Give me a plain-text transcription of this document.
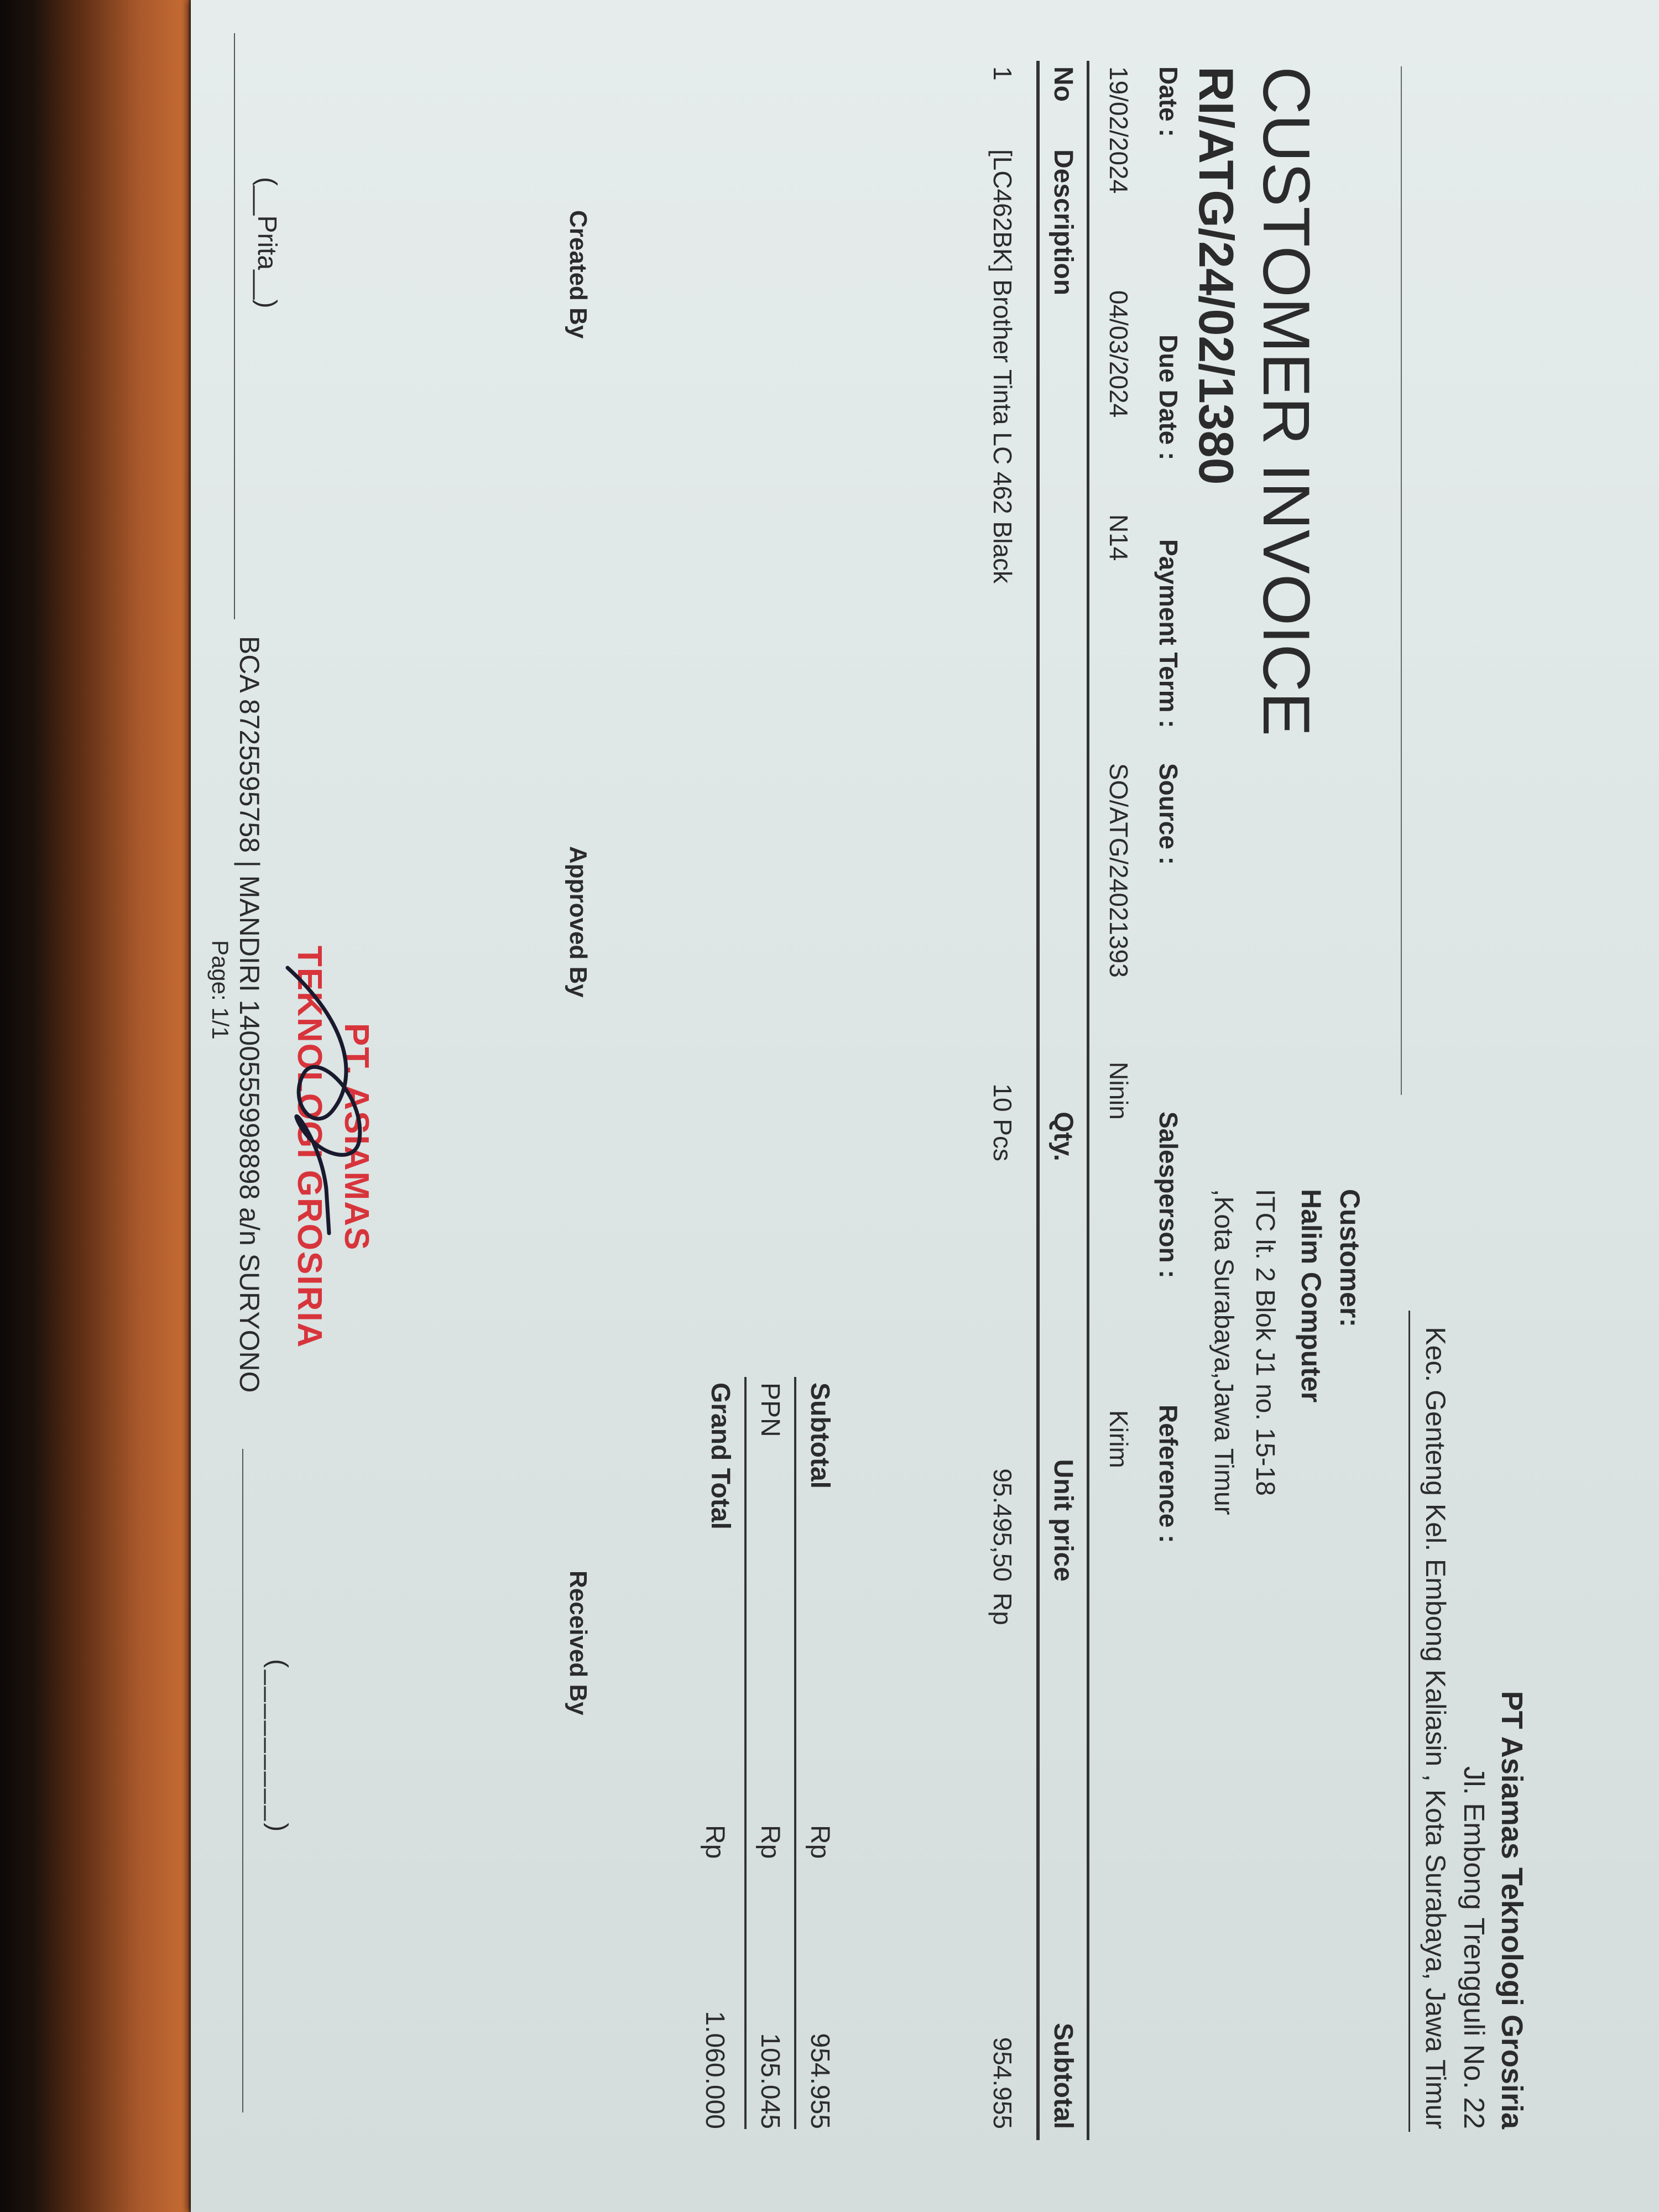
PT Asiamas Teknologi Grosiria
Jl. Embong Trengguli No. 22
Kec. Genteng Kel. Embong Kaliasin , Kota Surabaya, Jawa Timur
Customer:
Halim Computer
ITC lt. 2 Blok J1 no. 15-18
,Kota Surabaya,Jawa Timur
CUSTOMER INVOICE
RI/ATG/24/02/1380
Date :
Due Date :
Payment Term :
Source :
Salesperson :
Reference :
19/02/2024
04/03/2024
N14
SO/ATG/24021393
Ninin
Kirim
No
Description
Qty.
Unit price
Subtotal
1
[LC462BK] Brother Tinta LC 462 Black
10 Pcs
95.495,50
Rp
954.955
Subtotal
Rp
954.955
PPN
Rp
105.045
Grand Total
Rp
1.060.000
Created By
Approved By
Received By
PT. ASIAMAS
TEKNOLOGI GROSIRIA
(__Prita__)
(_________)
BCA 8725595758 | MANDIRI 1400555998898 a/n SURYONO
Page: 1/1
